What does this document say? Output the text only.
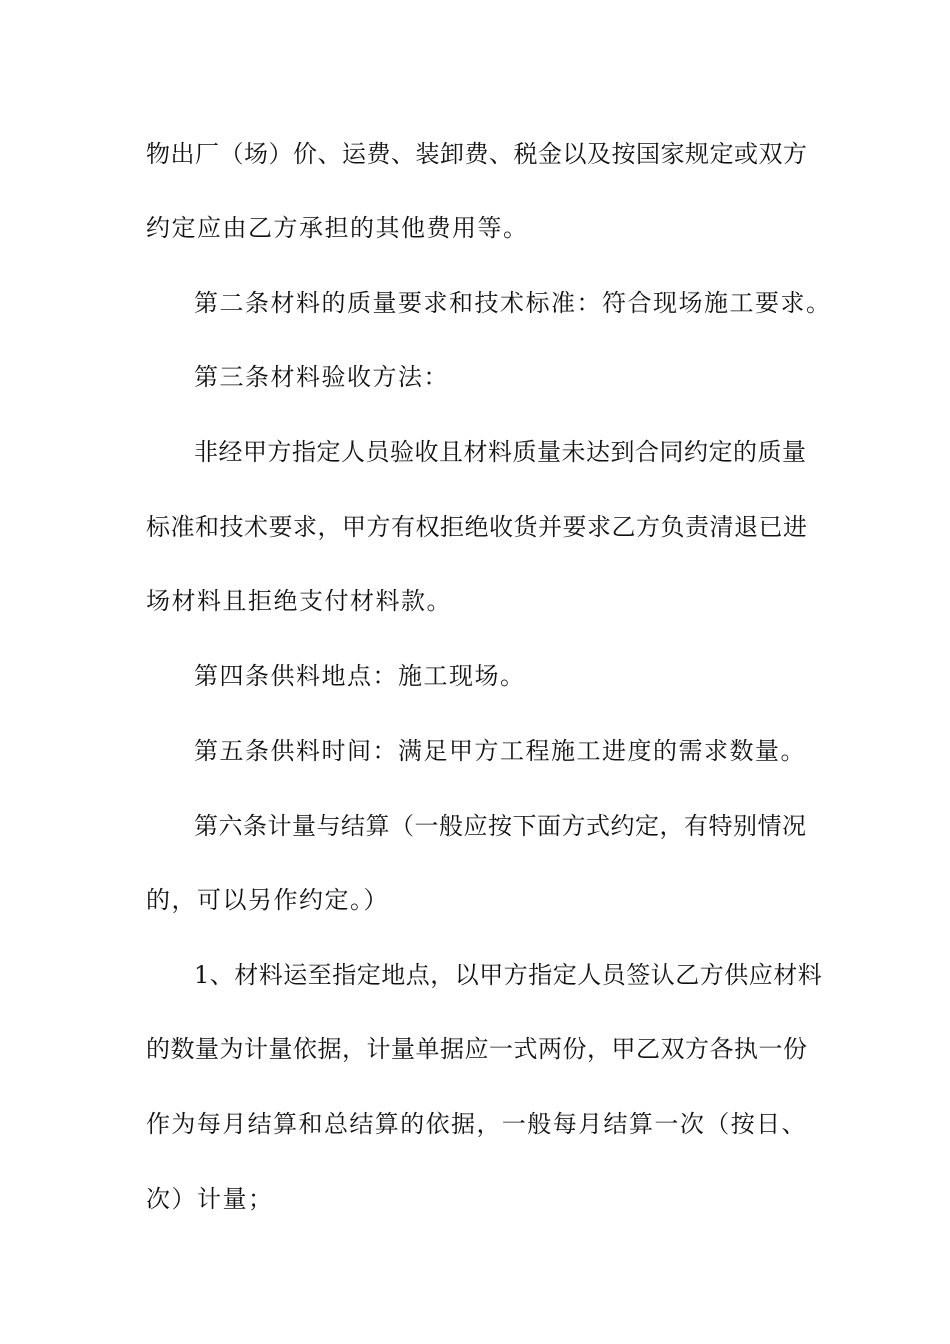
物出厂（场）价、运费、装卸费、税金以及按国家规定或双方
约定应由乙方承担的其他费用等。
第二条材料的质量要求和技术标准：符合现场施工要求。
第三条材料验收方法：
非经甲方指定人员验收且材料质量未达到合同约定的质量
标准和技术要求，甲方有权拒绝收货并要求乙方负责清退已进
场材料且拒绝支付材料款。
第四条供料地点：施工现场。
第五条供料时间：满足甲方工程施工进度的需求数量。
第六条计量与结算（一般应按下面方式约定，有特别情况
的，可以另作约定。）
1、材料运至指定地点，以甲方指定人员签认乙方供应材料
的数量为计量依据，计量单据应一式两份，甲乙双方各执一份
作为每月结算和总结算的依据，一般每月结算一次（按日、
次）计量；
